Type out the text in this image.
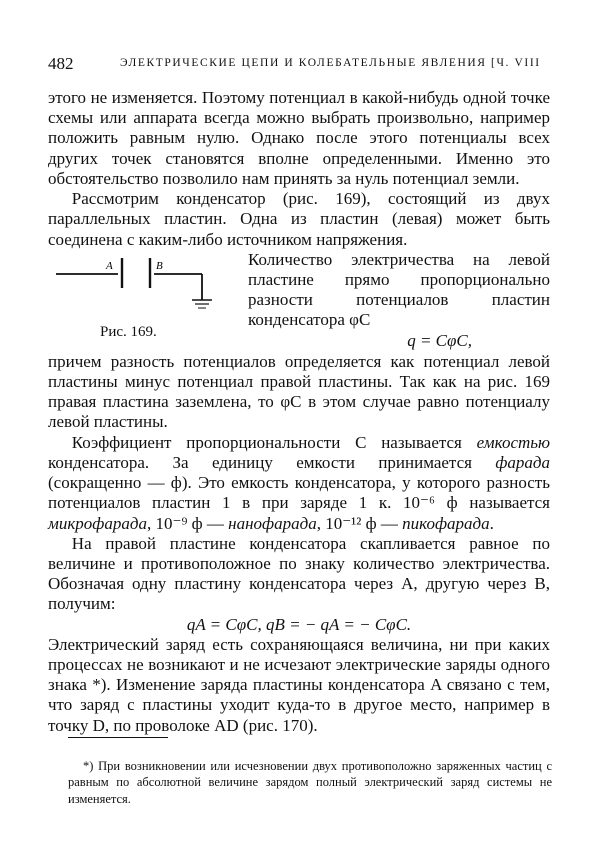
482	ЭЛЕКТРИЧЕСКИЕ ЦЕПИ И КОЛЕБАТЕЛЬНЫЕ ЯВЛЕНИЯ [Ч. VIII

этого не изменяется. Поэтому потенциал в какой-нибудь одной точке схемы или аппарата всегда можно выбрать произвольно, например положить равным нулю. Однако после этого потенциалы всех других точек становятся вполне определенными. Именно это обстоятельство позволило нам принять за нуль потенциал земли.

Рассмотрим конденсатор (рис. 169), состоящий из двух параллельных пластин. Одна из пластин (левая) может быть соединена с каким-либо источником напряжения.

A	B
Рис. 169.

Количество электричества на левой пластине прямо пропорционально разности потенциалов пластин конденсатора φC

q = CφC,

причем разность потенциалов определяется как потенциал левой пластины минус потенциал правой пластины. Так как на рис. 169 правая пластина заземлена, то φC в этом случае равно потенциалу левой пластины.

Коэффициент пропорциональности C называется емкостью конденсатора. За единицу емкости принимается фарада (сокращенно — ф). Это емкость конденсатора, у которого разность потенциалов пластин 1 в при заряде 1 к. 10⁻⁶ ф называется микрофарада, 10⁻⁹ ф — нанофарада, 10⁻¹² ф — пикофарада.

На правой пластине конденсатора скапливается равное по величине и противоположное по знаку количество электричества. Обозначая одну пластину конденсатора через A, другую через B, получим:

qA = CφC, qB = − qA = − CφC.

Электрический заряд есть сохраняющаяся величина, ни при каких процессах не возникают и не исчезают электрические заряды одного знака *). Изменение заряда пластины конденсатора A связано с тем, что заряд с пластины уходит куда-то в другое место, например в точку D, по проволоке AD (рис. 170).

*) При возникновении или исчезновении двух противоположно заряженных частиц с равным по абсолютной величине зарядом полный электрический заряд системы не изменяется.
